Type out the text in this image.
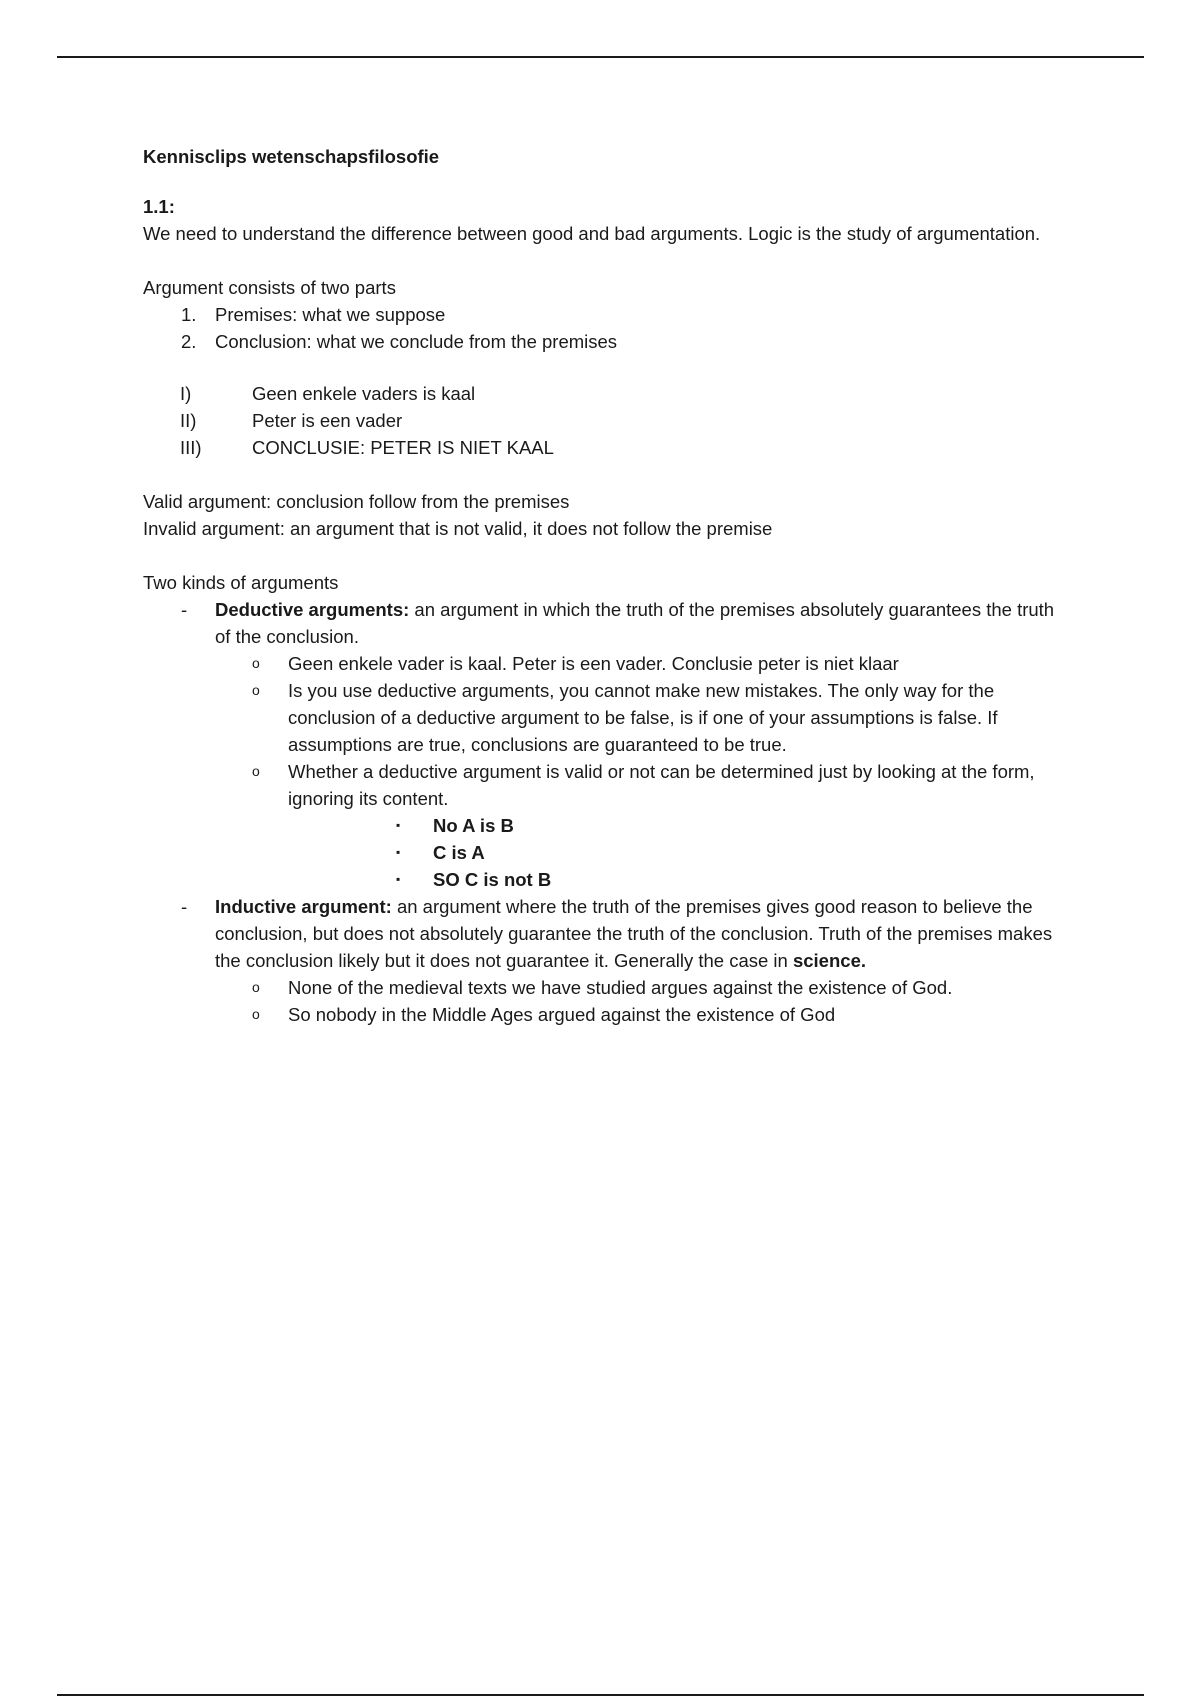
Kennisclips wetenschapsfilosofie

1.1:

We need to understand the difference between good and bad arguments. Logic is the study of argumentation.

Argument consists of two parts

1. Premises: what we suppose
2. Conclusion: what we conclude from the premises
I)	Geen enkele vaders is kaal
II)	Peter is een vader
III)	CONCLUSIE: PETER IS NIET KAAL

Valid argument: conclusion follow from the premises

Invalid argument: an argument that is not valid, it does not follow the premise

Two kinds of arguments

- Deductive arguments: an argument in which the truth of the premises absolutely guarantees the truth of the conclusion.
o Geen enkele vader is kaal. Peter is een vader. Conclusie peter is niet klaar
o Is you use deductive arguments, you cannot make new mistakes. The only way for the conclusion of a deductive argument to be false, is if one of your assumptions is false. If assumptions are true, conclusions are guaranteed to be true.
o Whether a deductive argument is valid or not can be determined just by looking at the form, ignoring its content.
▪ No A is B
▪ C is A
▪ SO C is not B
- Inductive argument: an argument where the truth of the premises gives good reason to believe the conclusion, but does not absolutely guarantee the truth of the conclusion. Truth of the premises makes the conclusion likely but it does not guarantee it. Generally the case in science.
o None of the medieval texts we have studied argues against the existence of God.
o So nobody in the Middle Ages argued against the existence of God
